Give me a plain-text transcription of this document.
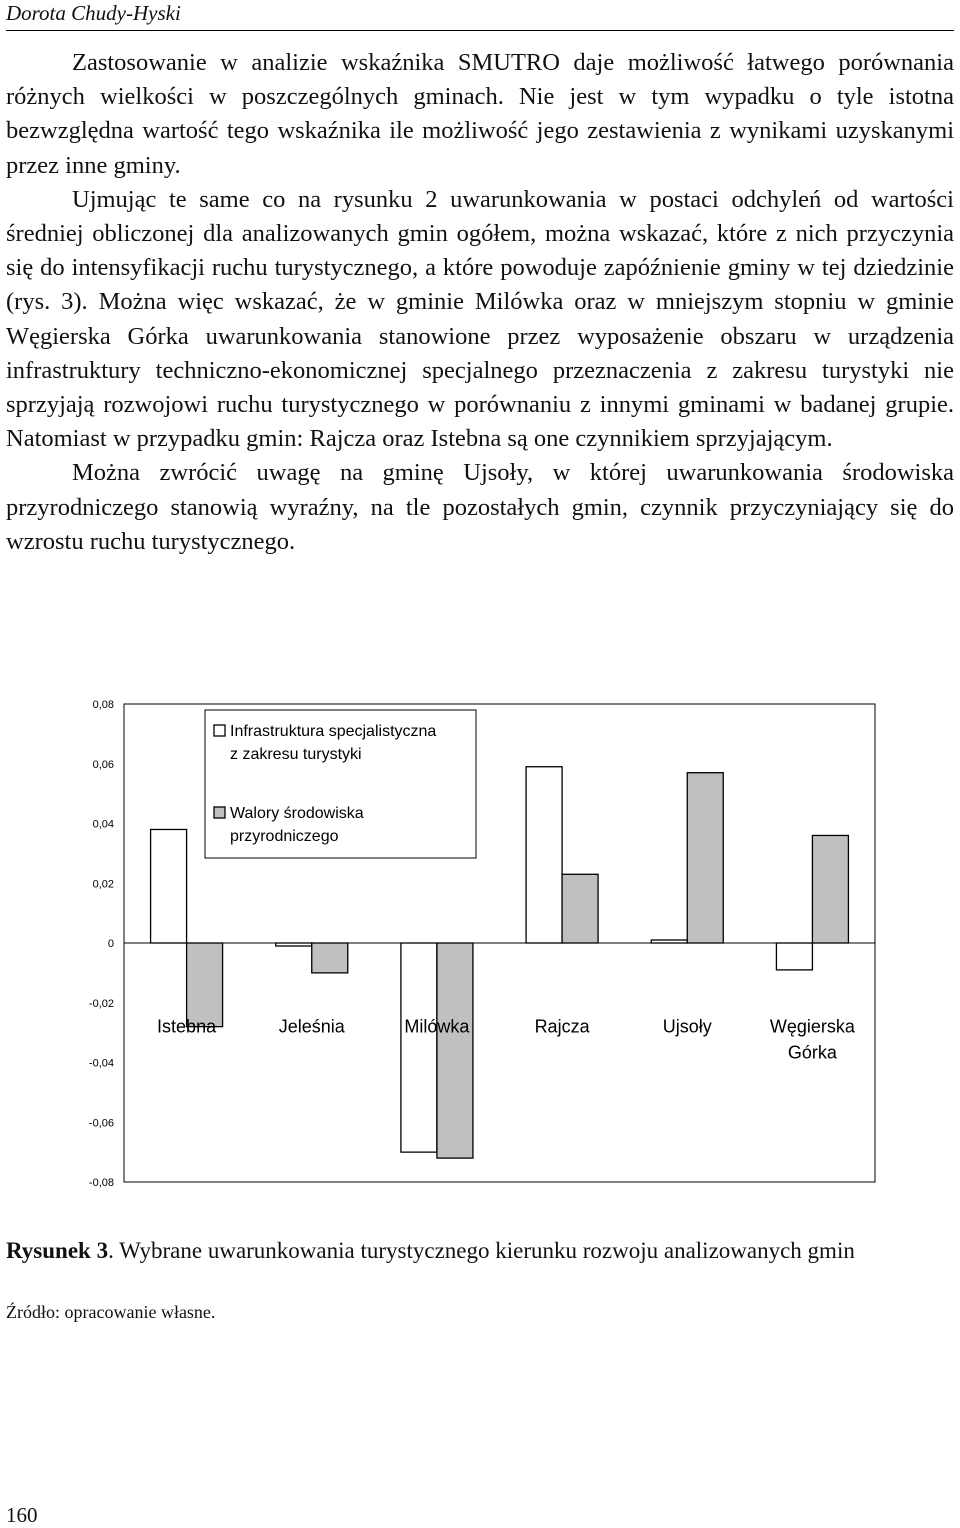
Dorota Chudy-Hyski

Zastosowanie w analizie wskaźnika SMUTRO daje możliwość łatwego porównania różnych wielkości w poszczególnych gminach. Nie jest w tym wypadku o tyle istotna bezwzględna wartość tego wskaźnika ile możliwość jego zestawienia z wynikami uzyskanymi przez inne gminy.

Ujmując te same co na rysunku 2 uwarunkowania w postaci odchyleń od wartości średniej obliczonej dla analizowanych gmin ogółem, można wskazać, które z nich przyczynia się do intensyfikacji ruchu turystycznego, a które powoduje zapóźnienie gminy w tej dziedzinie (rys. 3). Można więc wskazać, że w gminie Milówka oraz w mniejszym stopniu w gminie Węgierska Górka uwarunkowania stanowione przez wyposażenie obszaru w urządzenia infrastruktury techniczno-ekonomicznej specjalnego przeznaczenia z zakresu turystyki nie sprzyjają rozwojowi ruchu turystycznego w porównaniu z innymi gminami w badanej grupie. Natomiast w przypadku gmin: Rajcza oraz Istebna są one czynnikiem sprzyjającym.

Można zwrócić uwagę na gminę Ujsoły, w której uwarunkowania środowiska przyrodniczego stanowią wyraźny, na tle pozostałych gmin, czynnik przyczyniający się do wzrostu ruchu turystycznego.

0,08
0,06
0,04
0,02
0
-0,02
-0,04
-0,06
-0,08
Istebna	Jeleśnia	Milówka	Rajcza	Ujsoły	Węgierska
Górka
Infrastruktura specjalistyczna
z zakresu turystyki
Walory środowiska
przyrodniczego
Rysunek 3. Wybrane uwarunkowania turystycznego kierunku rozwoju analizowanych gmin
Źródło: opracowanie własne.
160
